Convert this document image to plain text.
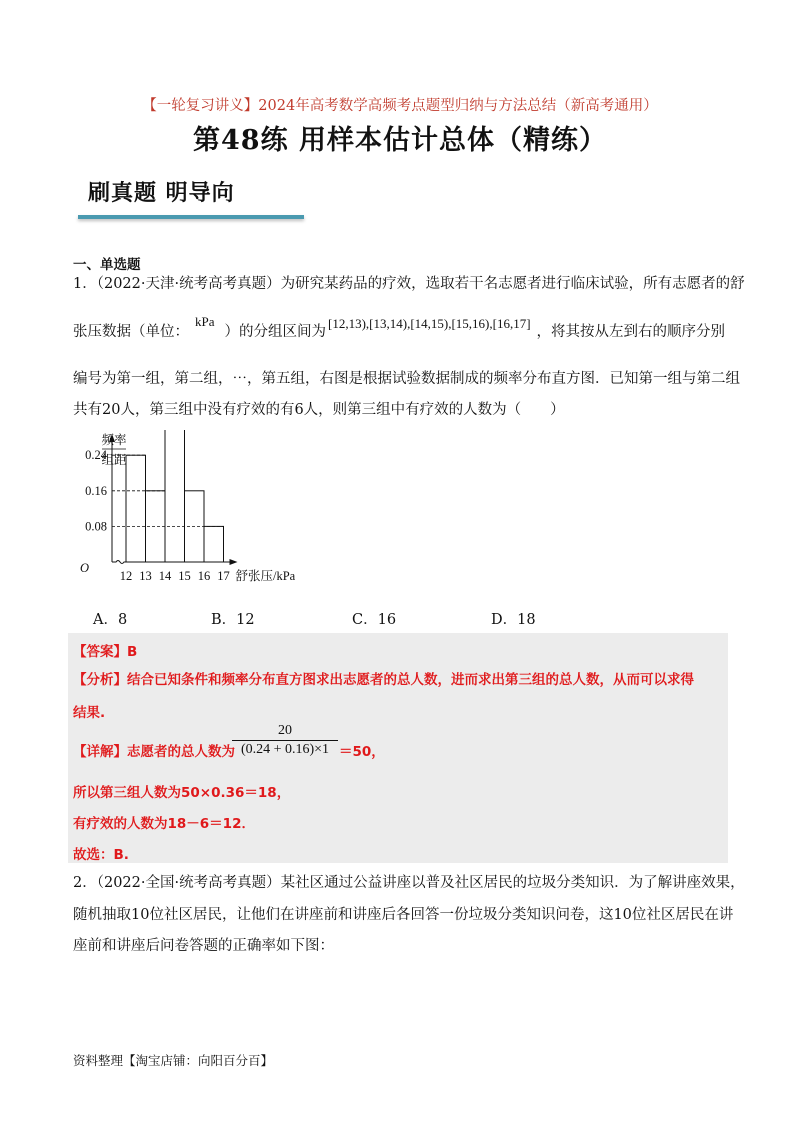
【一轮复习讲义】2024年高考数学高频考点题型归纳与方法总结（新高考通用）
第48练 用样本估计总体（精练）
刷真题 明导向
一、单选题
1．（2022·天津·统考高考真题）为研究某药品的疗效，选取若干名志愿者进行临床试验，所有志愿者的舒
张压数据（单位：kPa）的分组区间为[12,13),[13,14),[14,15),[15,16),[16,17]，将其按从左到右的顺序分别
编号为第一组，第二组，⋯，第五组，右图是根据试验数据制成的频率分布直方图．已知第一组与第二组
共有20人，第三组中没有疗效的有6人，则第三组中有疗效的人数为（　　）
0.24
0.16
0.08
12 13 14 15 16 17
O
频率
组距
舒张压/kPa
A．8	B．12	C．16	D．18
【答案】B
【分析】结合已知条件和频率分布直方图求出志愿者的总人数，进而求出第三组的总人数，从而可以求得
结果.
【详解】志愿者的总人数为
20
(0.24 + 0.16)×1 ＝50，
所以第三组人数为50×0.36＝18，
有疗效的人数为18－6＝12．
故选：B.
2．（2022·全国·统考高考真题）某社区通过公益讲座以普及社区居民的垃圾分类知识．为了解讲座效果，
随机抽取10位社区居民，让他们在讲座前和讲座后各回答一份垃圾分类知识问卷，这10位社区居民在讲
座前和讲座后问卷答题的正确率如下图：
资料整理【淘宝店铺：向阳百分百】
